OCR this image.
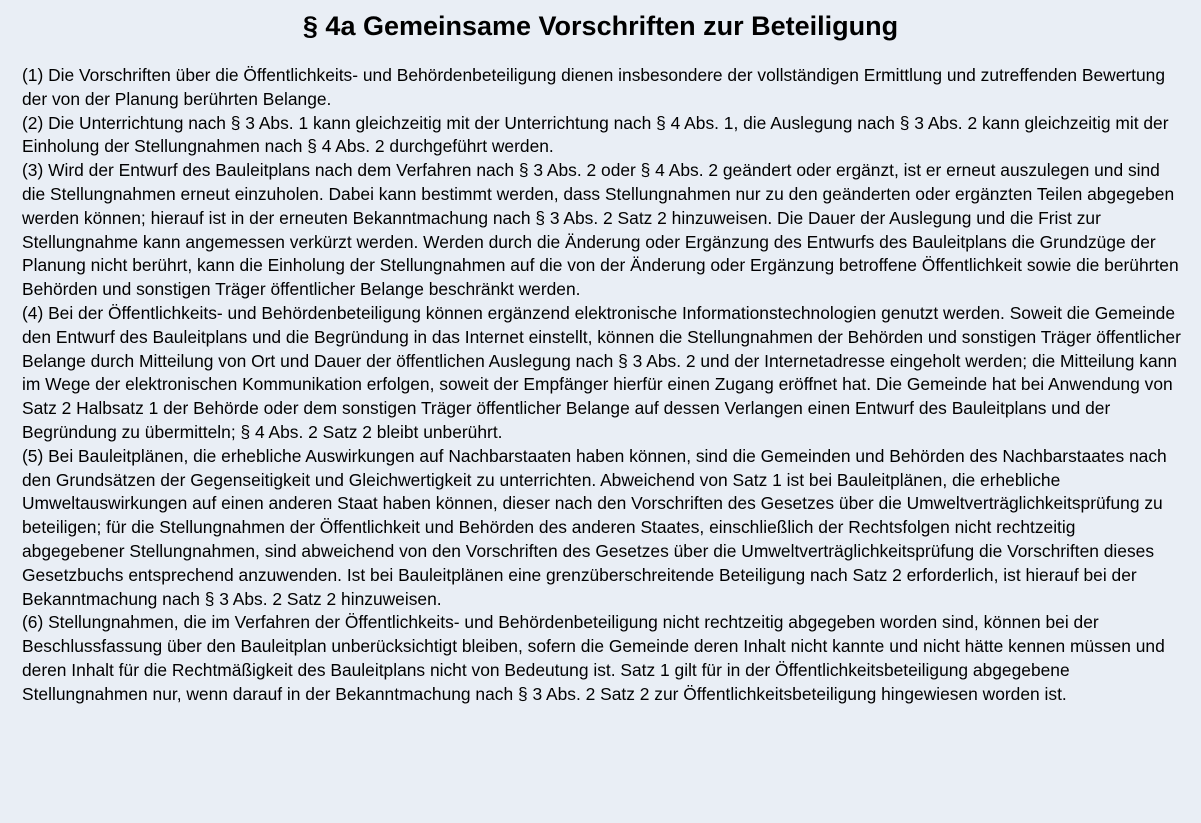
§ 4a Gemeinsame Vorschriften zur Beteiligung

(1) Die Vorschriften über die Öffentlichkeits- und Behördenbeteiligung dienen insbesondere der vollständigen Ermittlung und zutreffenden Bewertung der von der Planung berührten Belange.

(2) Die Unterrichtung nach § 3 Abs. 1 kann gleichzeitig mit der Unterrichtung nach § 4 Abs. 1, die Auslegung nach § 3 Abs. 2 kann gleichzeitig mit der Einholung der Stellungnahmen nach § 4 Abs. 2 durchgeführt werden.

(3) Wird der Entwurf des Bauleitplans nach dem Verfahren nach § 3 Abs. 2 oder § 4 Abs. 2 geändert oder ergänzt, ist er erneut auszulegen und sind die Stellungnahmen erneut einzuholen. Dabei kann bestimmt werden, dass Stellungnahmen nur zu den geänderten oder ergänzten Teilen abgegeben werden können; hierauf ist in der erneuten Bekanntmachung nach § 3 Abs. 2 Satz 2 hinzuweisen. Die Dauer der Auslegung und die Frist zur Stellungnahme kann angemessen verkürzt werden. Werden durch die Änderung oder Ergänzung des Entwurfs des Bauleitplans die Grundzüge der Planung nicht berührt, kann die Einholung der Stellungnahmen auf die von der Änderung oder Ergänzung betroffene Öffentlichkeit sowie die berührten Behörden und sonstigen Träger öffentlicher Belange beschränkt werden.

(4) Bei der Öffentlichkeits- und Behördenbeteiligung können ergänzend elektronische Informationstechnologien genutzt werden. Soweit die Gemeinde den Entwurf des Bauleitplans und die Begründung in das Internet einstellt, können die Stellungnahmen der Behörden und sonstigen Träger öffentlicher Belange durch Mitteilung von Ort und Dauer der öffentlichen Auslegung nach § 3 Abs. 2 und der Internetadresse eingeholt werden; die Mitteilung kann im Wege der elektronischen Kommunikation erfolgen, soweit der Empfänger hierfür einen Zugang eröffnet hat. Die Gemeinde hat bei Anwendung von Satz 2 Halbsatz 1 der Behörde oder dem sonstigen Träger öffentlicher Belange auf dessen Verlangen einen Entwurf des Bauleitplans und der Begründung zu übermitteln; § 4 Abs. 2 Satz 2 bleibt unberührt.

(5) Bei Bauleitplänen, die erhebliche Auswirkungen auf Nachbarstaaten haben können, sind die Gemeinden und Behörden des Nachbarstaates nach den Grundsätzen der Gegenseitigkeit und Gleichwertigkeit zu unterrichten. Abweichend von Satz 1 ist bei Bauleitplänen, die erhebliche Umweltauswirkungen auf einen anderen Staat haben können, dieser nach den Vorschriften des Gesetzes über die Umweltverträglichkeitsprüfung zu beteiligen; für die Stellungnahmen der Öffentlichkeit und Behörden des anderen Staates, einschließlich der Rechtsfolgen nicht rechtzeitig abgegebener Stellungnahmen, sind abweichend von den Vorschriften des Gesetzes über die Umweltverträglichkeitsprüfung die Vorschriften dieses Gesetzbuchs entsprechend anzuwenden. Ist bei Bauleitplänen eine grenzüberschreitende Beteiligung nach Satz 2 erforderlich, ist hierauf bei der Bekanntmachung nach § 3 Abs. 2 Satz 2 hinzuweisen.

(6) Stellungnahmen, die im Verfahren der Öffentlichkeits- und Behördenbeteiligung nicht rechtzeitig abgegeben worden sind, können bei der Beschlussfassung über den Bauleitplan unberücksichtigt bleiben, sofern die Gemeinde deren Inhalt nicht kannte und nicht hätte kennen müssen und deren Inhalt für die Rechtmäßigkeit des Bauleitplans nicht von Bedeutung ist. Satz 1 gilt für in der Öffentlichkeitsbeteiligung abgegebene Stellungnahmen nur, wenn darauf in der Bekanntmachung nach § 3 Abs. 2 Satz 2 zur Öffentlichkeitsbeteiligung hingewiesen worden ist.
